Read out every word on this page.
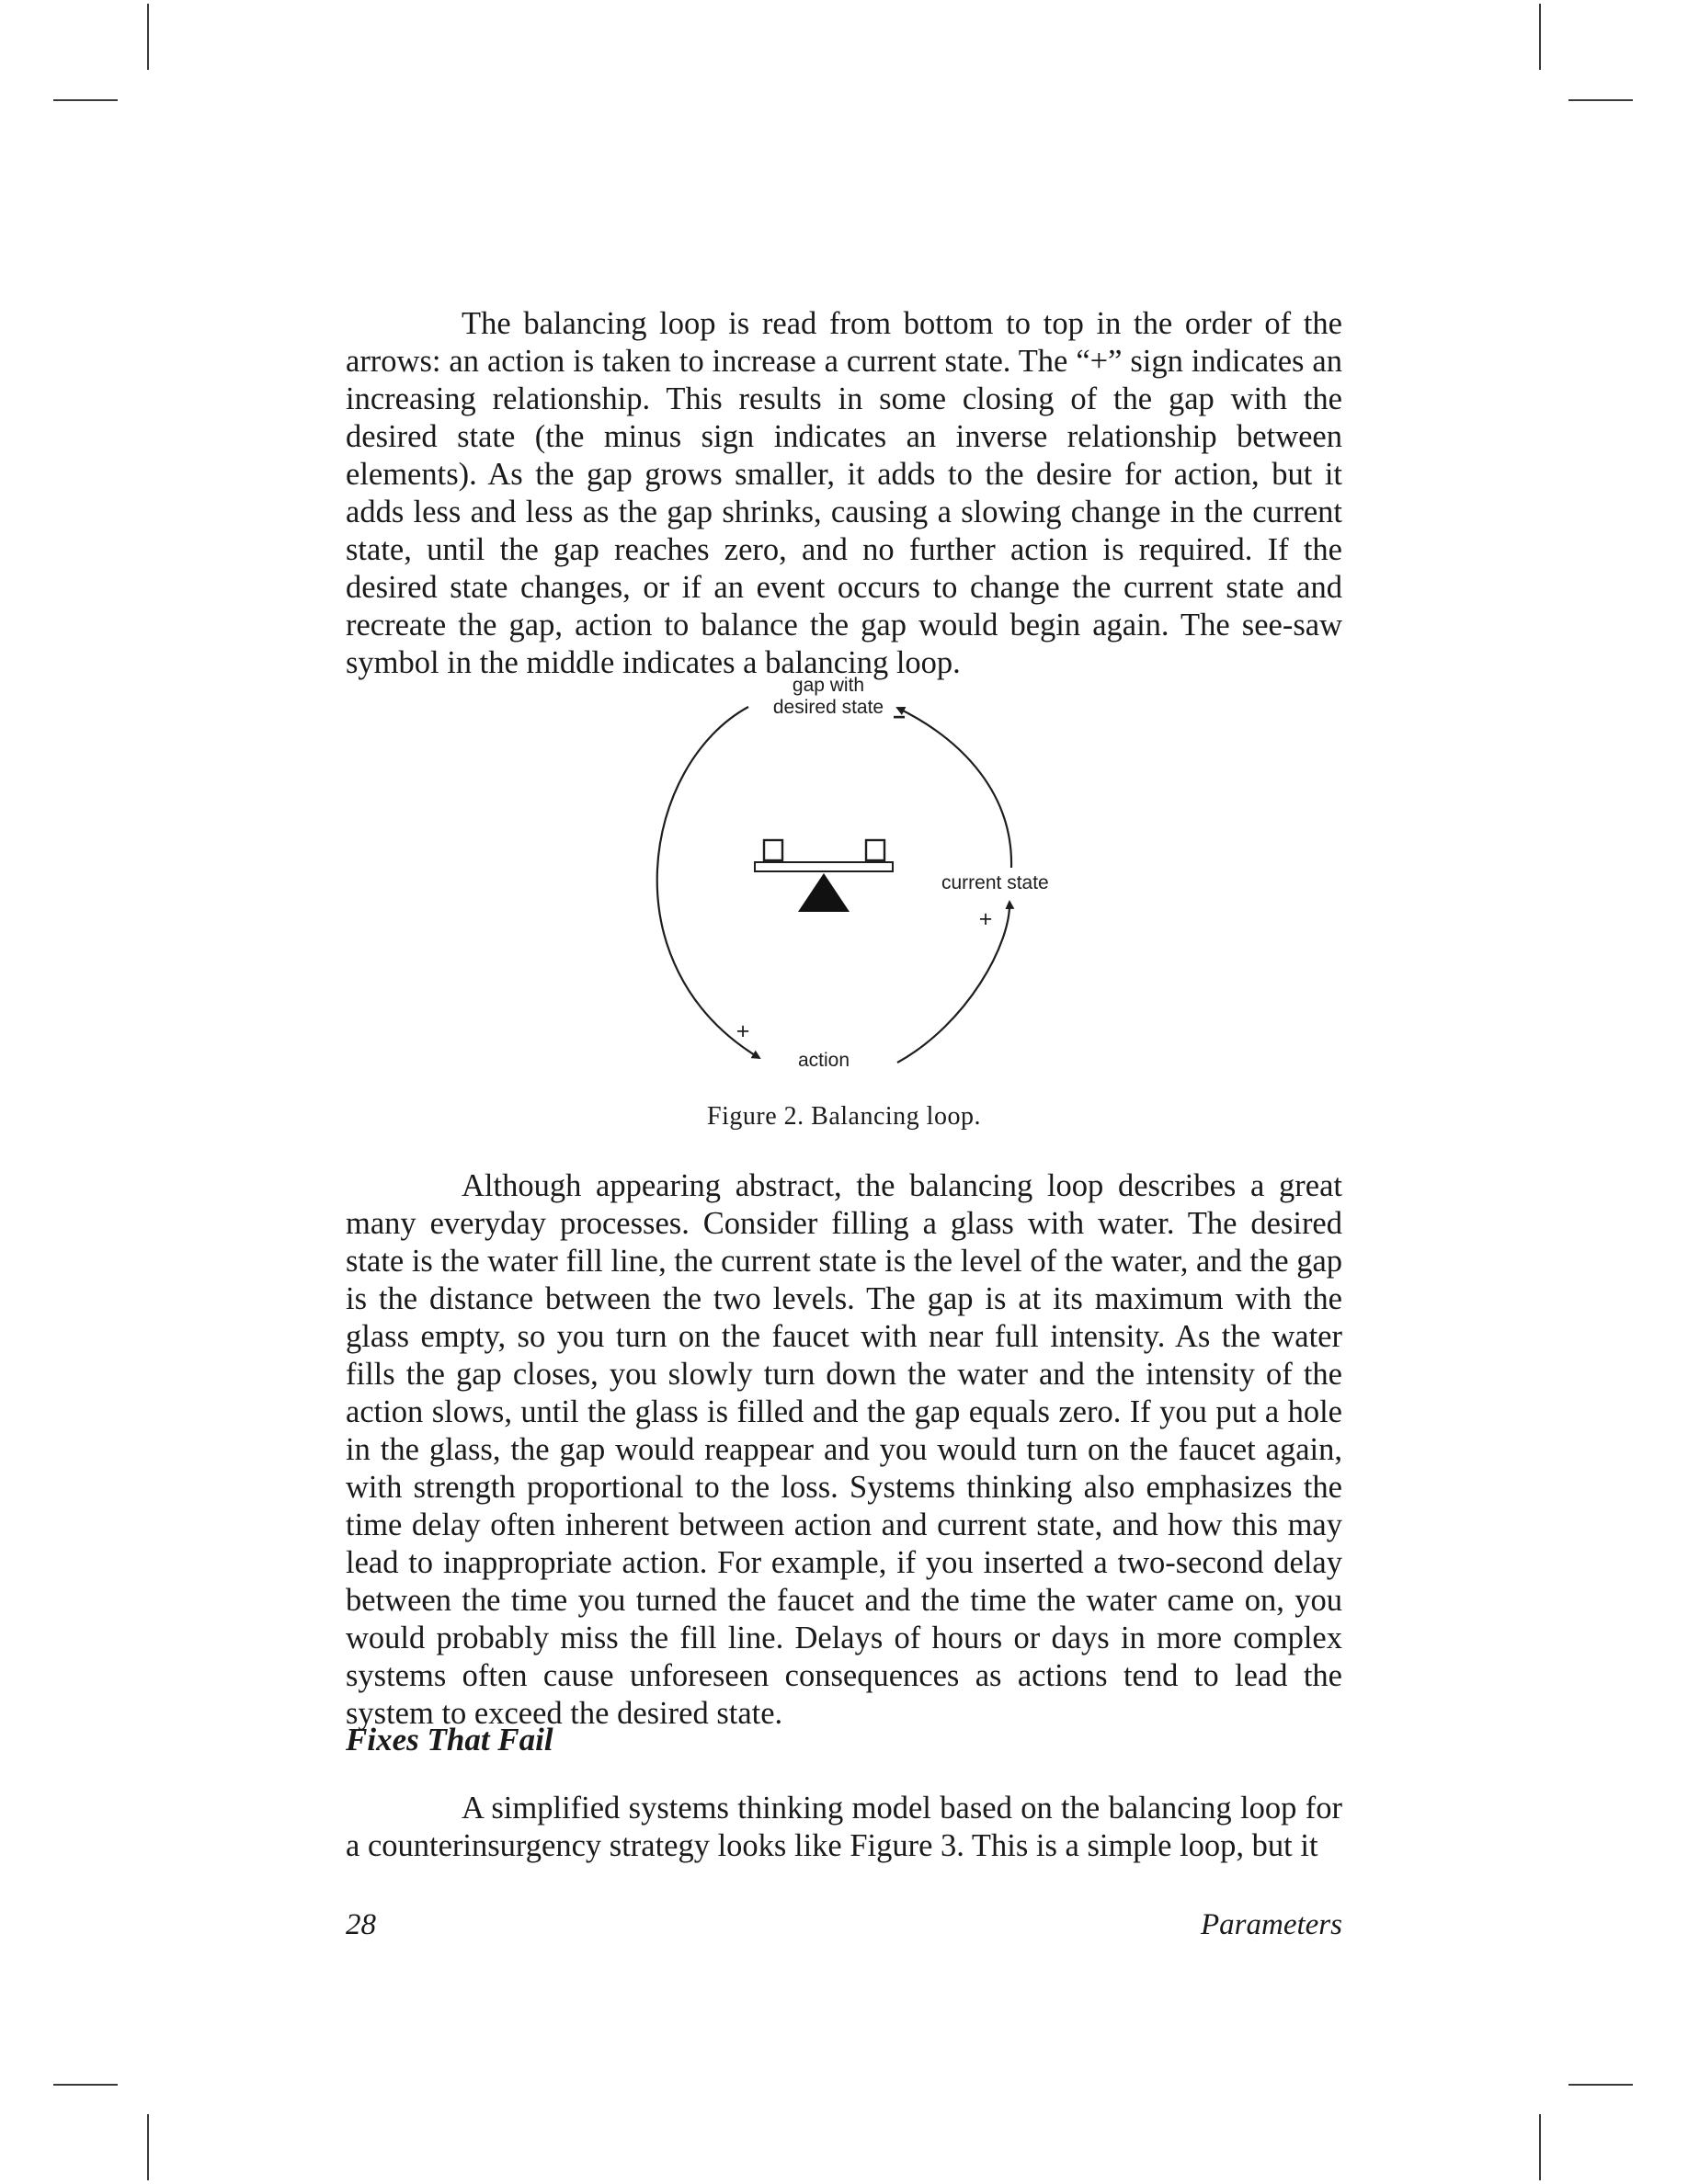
The balancing loop is read from bottom to top in the order of the arrows: an action is taken to increase a current state. The “+” sign indicates an increasing relationship. This results in some closing of the gap with the desired state (the minus sign indicates an inverse relationship between elements). As the gap grows smaller, it adds to the desire for action, but it adds less and less as the gap shrinks, causing a slowing change in the current state, until the gap reaches zero, and no further action is required. If the desired state changes, or if an event occurs to change the current state and recreate the gap, action to balance the gap would begin again. The see-saw symbol in the middle indicates a balancing loop.

gap with
desired state −
current state
+
+
action

Figure 2. Balancing loop.

Although appearing abstract, the balancing loop describes a great many everyday processes. Consider filling a glass with water. The desired state is the water fill line, the current state is the level of the water, and the gap is the distance between the two levels. The gap is at its maximum with the glass empty, so you turn on the faucet with near full intensity. As the water fills the gap closes, you slowly turn down the water and the intensity of the action slows, until the glass is filled and the gap equals zero. If you put a hole in the glass, the gap would reappear and you would turn on the faucet again, with strength proportional to the loss. Systems thinking also emphasizes the time delay often inherent between action and current state, and how this may lead to inappropriate action. For example, if you inserted a two-second delay between the time you turned the faucet and the time the water came on, you would probably miss the fill line. Delays of hours or days in more complex systems often cause unforeseen consequences as actions tend to lead the system to exceed the desired state.

Fixes That Fail

A simplified systems thinking model based on the balancing loop for a counterinsurgency strategy looks like Figure 3. This is a simple loop, but it

28	Parameters
